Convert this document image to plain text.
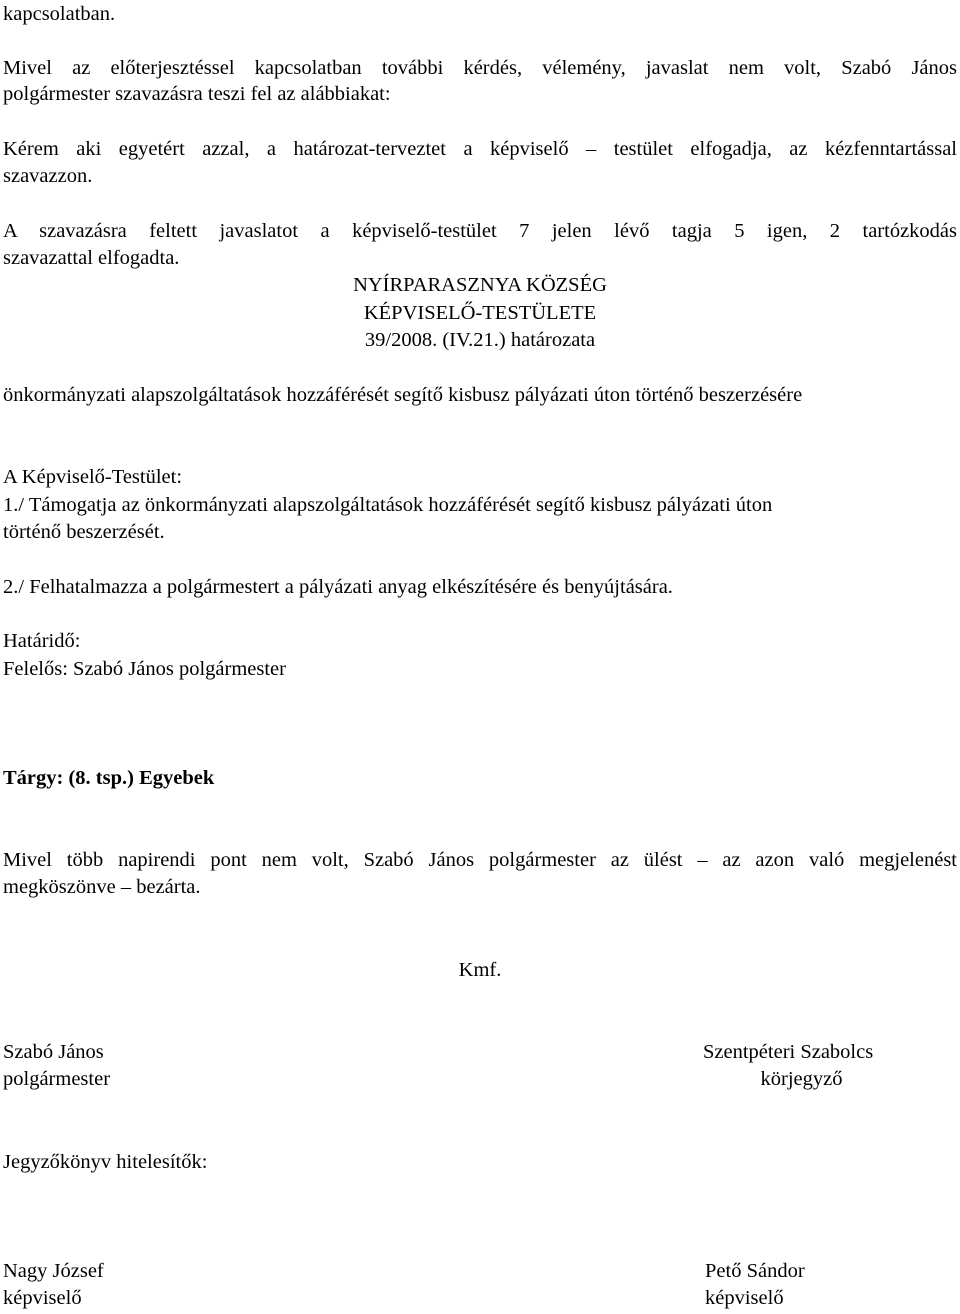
kapcsolatban.
Mivel az előterjesztéssel kapcsolatban további kérdés, vélemény, javaslat nem volt, Szabó János
polgármester szavazásra teszi fel az alábbiakat:
Kérem aki egyetért azzal, a határozat-terveztet a képviselő – testület elfogadja, az kézfenntartással
szavazzon.
A szavazásra feltett javaslatot a képviselő-testület 7 jelen lévő tagja 5 igen, 2 tartózkodás
szavazattal elfogadta.
NYÍRPARASZNYA KÖZSÉG
KÉPVISELŐ-TESTÜLETE
39/2008. (IV.21.) határozata
önkormányzati alapszolgáltatások hozzáférését segítő kisbusz pályázati úton történő beszerzésére
A Képviselő-Testület:
1./ Támogatja az önkormányzati alapszolgáltatások hozzáférését segítő kisbusz pályázati úton
történő beszerzését.
2./ Felhatalmazza a polgármestert a pályázati anyag elkészítésére és benyújtására.
Határidő:
Felelős: Szabó János polgármester
Tárgy: (8. tsp.) Egyebek
Mivel több napirendi pont nem volt, Szabó János polgármester az ülést – az azon való megjelenést
megköszönve – bezárta.
Kmf.
Szabó János
polgármester
Szentpéteri Szabolcs
körjegyző
Jegyzőkönyv hitelesítők:
Nagy József
képviselő
Pető Sándor
képviselő
